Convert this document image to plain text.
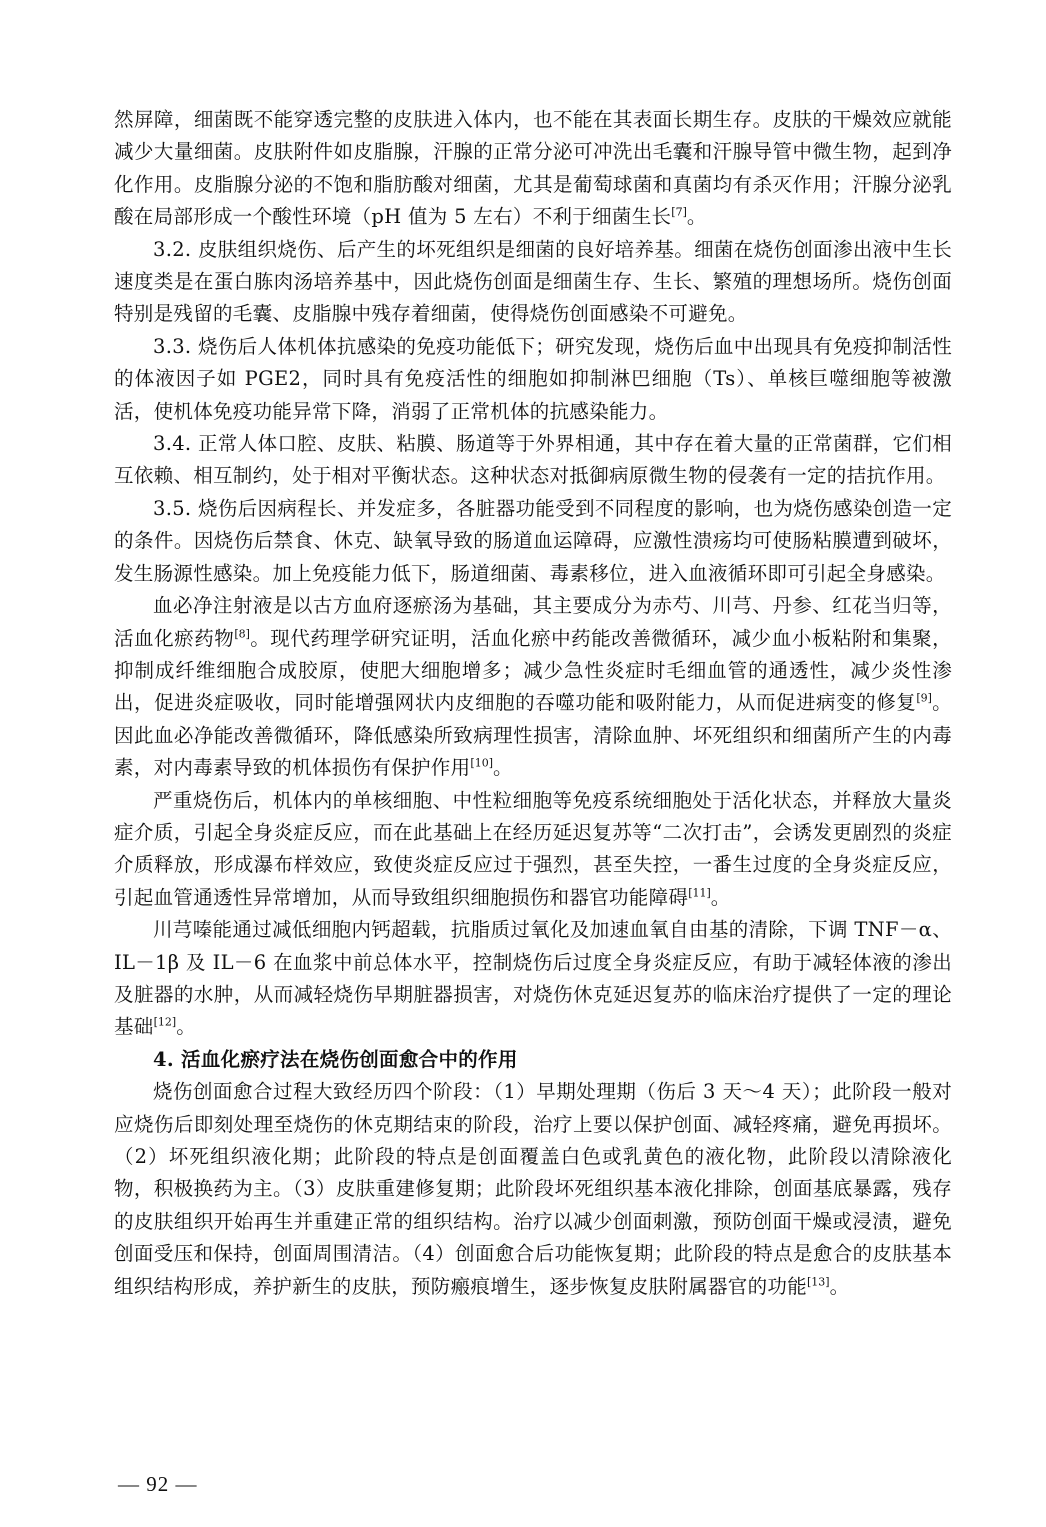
然屏障，细菌既不能穿透完整的皮肤进入体内，也不能在其表面长期生存。皮肤的干燥效应就能减少大量细菌。皮肤附件如皮脂腺，汗腺的正常分泌可冲洗出毛囊和汗腺导管中微生物，起到净化作用。皮脂腺分泌的不饱和脂肪酸对细菌，尤其是葡萄球菌和真菌均有杀灭作用；汗腺分泌乳酸在局部形成一个酸性环境（pH 值为 5 左右）不利于细菌生长[7]。

3.2. 皮肤组织烧伤、后产生的坏死组织是细菌的良好培养基。细菌在烧伤创面渗出液中生长速度类是在蛋白胨肉汤培养基中，因此烧伤创面是细菌生存、生长、繁殖的理想场所。烧伤创面特别是残留的毛囊、皮脂腺中残存着细菌，使得烧伤创面感染不可避免。

3.3. 烧伤后人体机体抗感染的免疫功能低下；研究发现，烧伤后血中出现具有免疫抑制活性的体液因子如 PGE2，同时具有免疫活性的细胞如抑制淋巴细胞（Ts）、单核巨噬细胞等被激活，使机体免疫功能异常下降，消弱了正常机体的抗感染能力。

3.4. 正常人体口腔、皮肤、粘膜、肠道等于外界相通，其中存在着大量的正常菌群，它们相互依赖、相互制约，处于相对平衡状态。这种状态对抵御病原微生物的侵袭有一定的拮抗作用。

3.5. 烧伤后因病程长、并发症多，各脏器功能受到不同程度的影响，也为烧伤感染创造一定的条件。因烧伤后禁食、休克、缺氧导致的肠道血运障碍，应激性溃疡均可使肠粘膜遭到破坏，发生肠源性感染。加上免疫能力低下，肠道细菌、毒素移位，进入血液循环即可引起全身感染。

血必净注射液是以古方血府逐瘀汤为基础，其主要成分为赤芍、川芎、丹参、红花当归等，活血化瘀药物[8]。现代药理学研究证明，活血化瘀中药能改善微循环，减少血小板粘附和集聚，抑制成纤维细胞合成胶原，使肥大细胞增多；减少急性炎症时毛细血管的通透性，减少炎性渗出，促进炎症吸收，同时能增强网状内皮细胞的吞噬功能和吸附能力，从而促进病变的修复[9]。因此血必净能改善微循环，降低感染所致病理性损害，清除血肿、坏死组织和细菌所产生的内毒素，对内毒素导致的机体损伤有保护作用[10]。

严重烧伤后，机体内的单核细胞、中性粒细胞等免疫系统细胞处于活化状态，并释放大量炎症介质，引起全身炎症反应，而在此基础上在经历延迟复苏等“二次打击”，会诱发更剧烈的炎症介质释放，形成瀑布样效应，致使炎症反应过于强烈，甚至失控，一番生过度的全身炎症反应，引起血管通透性异常增加，从而导致组织细胞损伤和器官功能障碍[11]。

川芎嗪能通过减低细胞内钙超载，抗脂质过氧化及加速血氧自由基的清除，下调 TNF－α、IL－1β 及 IL－6 在血浆中前总体水平，控制烧伤后过度全身炎症反应，有助于减轻体液的渗出及脏器的水肿，从而减轻烧伤早期脏器损害，对烧伤休克延迟复苏的临床治疗提供了一定的理论基础[12]。

4. 活血化瘀疗法在烧伤创面愈合中的作用

烧伤创面愈合过程大致经历四个阶段：（1）早期处理期（伤后 3 天～4 天）；此阶段一般对应烧伤后即刻处理至烧伤的休克期结束的阶段，治疗上要以保护创面、减轻疼痛，避免再损坏。（2）坏死组织液化期；此阶段的特点是创面覆盖白色或乳黄色的液化物，此阶段以清除液化物，积极换药为主。（3）皮肤重建修复期；此阶段坏死组织基本液化排除，创面基底暴露，残存的皮肤组织开始再生并重建正常的组织结构。治疗以减少创面刺激，预防创面干燥或浸渍，避免创面受压和保持，创面周围清洁。（4）创面愈合后功能恢复期；此阶段的特点是愈合的皮肤基本组织结构形成，养护新生的皮肤，预防瘢痕增生，逐步恢复皮肤附属器官的功能[13]。

— 92 —
